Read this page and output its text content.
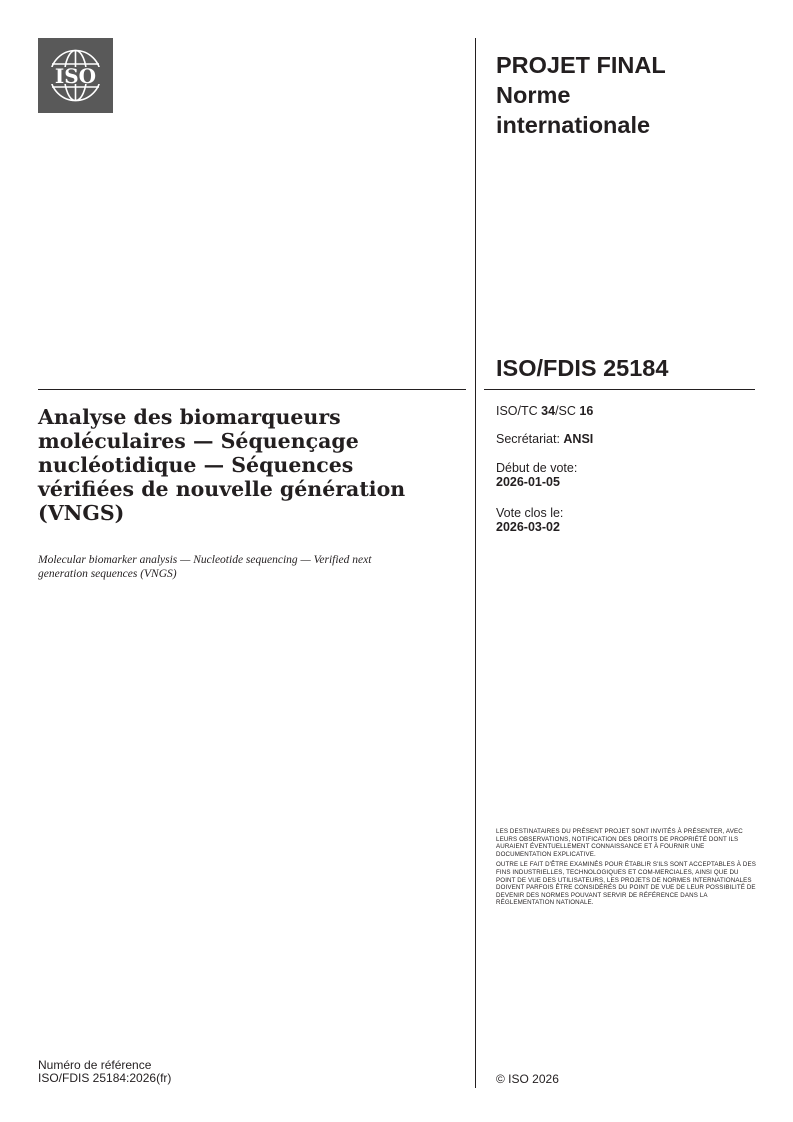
ISO	PROJET FINAL
Norme
internationale
ISO/FDIS 25184
Analyse des biomarqueurs moléculaires — Séquençage nucléotidique — Séquences vérifiées de nouvelle génération (VNGS)
Molecular biomarker analysis — Nucleotide sequencing — Verified next generation sequences (VNGS)
ISO/TC 34/SC 16
Secrétariat: ANSI
Début de vote:
2026-01-05
Vote clos le:
2026-03-02

LES DESTINATAIRES DU PRÉSENT PROJET SONT INVITÉS À PRÉSENTER, AVEC LEURS OBSERVATIONS, NOTIFICATION DES DROITS DE PROPRIÉTÉ DONT ILS AURAIENT ÉVENTUELLEMENT CONNAISSANCE ET À FOURNIR UNE DOCUMENTATION EXPLICATIVE.

OUTRE LE FAIT D'ÊTRE EXAMINÉS POUR ÉTABLIR S'ILS SONT ACCEPTABLES À DES FINS INDUSTRIELLES, TECHNOLOGIQUES ET COM-MERCIALES, AINSI QUE DU POINT DE VUE DES UTILISATEURS, LES PROJETS DE NORMES INTERNATIONALES DOIVENT PARFOIS ÊTRE CONSIDÉRÉS DU POINT DE VUE DE LEUR POSSIBILITÉ DE DEVENIR DES NORMES POUVANT SERVIR DE RÉFÉRENCE DANS LA RÉGLEMENTATION NATIONALE.

Numéro de référence
ISO/FDIS 25184:2026(fr)	© ISO 2026
